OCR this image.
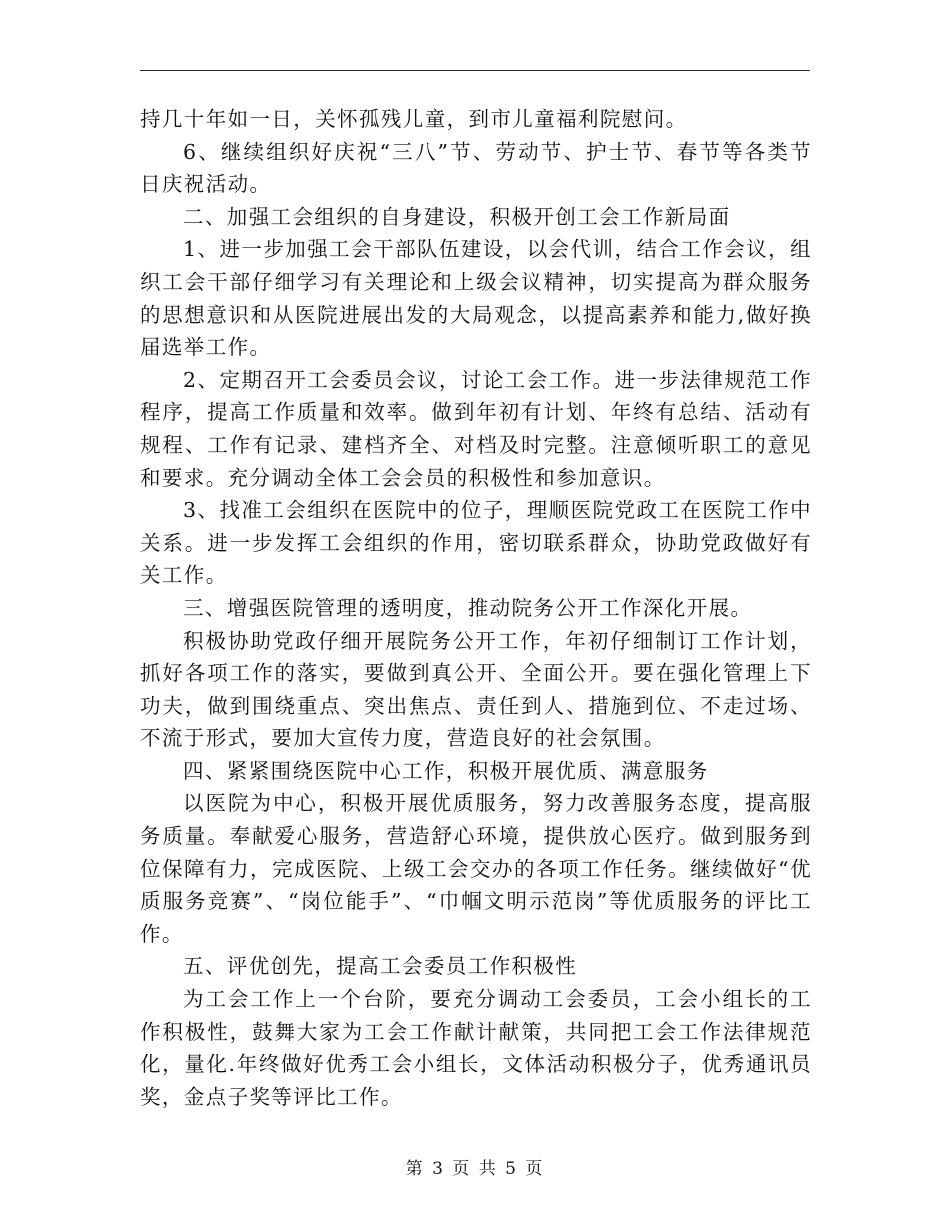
持几十年如一日，关怀孤残儿童，到市儿童福利院慰问。

6、继续组织好庆祝“三八”节、劳动节、护士节、春节等各类节日庆祝活动。

二、加强工会组织的自身建设，积极开创工会工作新局面

1、进一步加强工会干部队伍建设，以会代训，结合工作会议，组织工会干部仔细学习有关理论和上级会议精神，切实提高为群众服务的思想意识和从医院进展出发的大局观念，以提高素养和能力,做好换届选举工作。

2、定期召开工会委员会议，讨论工会工作。进一步法律规范工作程序，提高工作质量和效率。做到年初有计划、年终有总结、活动有规程、工作有记录、建档齐全、对档及时完整。注意倾听职工的意见和要求。充分调动全体工会会员的积极性和参加意识。

3、找准工会组织在医院中的位子，理顺医院党政工在医院工作中关系。进一步发挥工会组织的作用，密切联系群众，协助党政做好有关工作。

三、增强医院管理的透明度，推动院务公开工作深化开展。

积极协助党政仔细开展院务公开工作，年初仔细制订工作计划，抓好各项工作的落实，要做到真公开、全面公开。要在强化管理上下功夫，做到围绕重点、突出焦点、责任到人、措施到位、不走过场、不流于形式，要加大宣传力度，营造良好的社会氛围。

四、紧紧围绕医院中心工作，积极开展优质、满意服务

以医院为中心，积极开展优质服务，努力改善服务态度，提高服务质量。奉献爱心服务，营造舒心环境，提供放心医疗。做到服务到位保障有力，完成医院、上级工会交办的各项工作任务。继续做好“优质服务竞赛”、“岗位能手”、“巾帼文明示范岗”等优质服务的评比工作。

五、评优创先，提高工会委员工作积极性

为工会工作上一个台阶，要充分调动工会委员，工会小组长的工作积极性，鼓舞大家为工会工作献计献策，共同把工会工作法律规范化，量化.年终做好优秀工会小组长，文体活动积极分子，优秀通讯员奖，金点子奖等评比工作。

第 3 页 共 5 页
